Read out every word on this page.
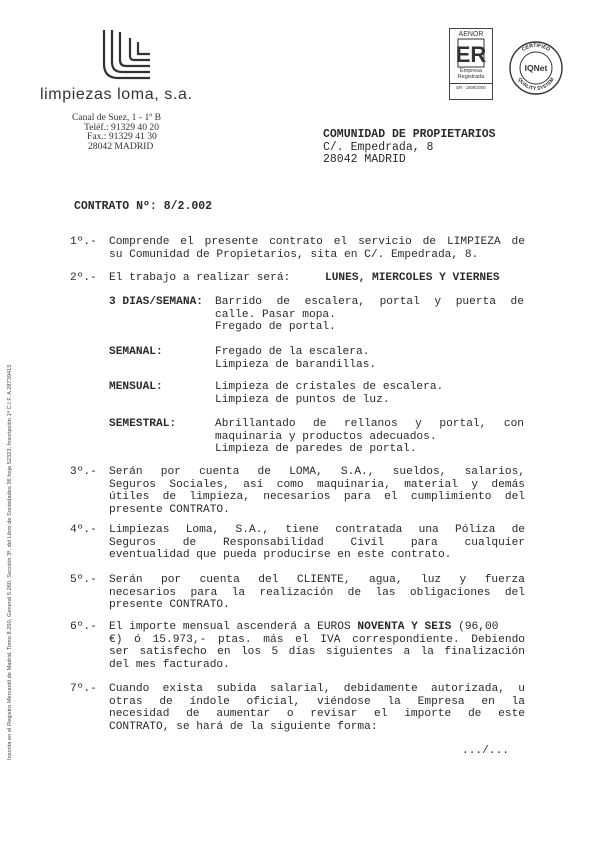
limpiezas loma, s.a.
Canal de Suez, 1 - 1º B
Teléf.: 91329 40 20
Fax.: 91329 41 30
28042 MADRID
AENOR
ER
Empresa
Registrada
ER - 1808/2000
CERTIFIED
QUALITY SYSTEM
IQNet
Inscrita en el Registro Mercantil de Madrid, Tomo 8.250, General 5.260, Sección 3ª, del Libro de Sociedades 36 hoja 52323, Inscripción 1ª C.I.F. A 28739415
COMUNIDAD DE PROPIETARIOS
C/. Empedrada, 8
28042 MADRID
CONTRATO Nº: 8/2.002
1º.- Comprende el presente contrato el servicio de LIMPIEZA de
su Comunidad de Propietarios, sita en C/. Empedrada, 8.
2º.- El trabajo a realizar será:	LUNES, MIERCOLES Y VIERNES
3 DIAS/SEMANA: Barrido de escalera, portal y puerta de
calle. Pasar mopa.
Fregado de portal.
SEMANAL:	Fregado de la escalera.
Limpieza de barandillas.
MENSUAL:	Limpieza de cristales de escalera.
Limpieza de puntos de luz.
SEMESTRAL:	Abrillantado de rellanos y portal, con
maquinaria y productos adecuados.
Limpieza de paredes de portal.
3º.- Serán por cuenta de LOMA, S.A., sueldos, salarios,
Seguros Sociales, así como maquinaria, material y demás
útiles de limpieza, necesarios para el cumplimiento del
presente CONTRATO.
4º.- Limpiezas Loma, S.A., tiene contratada una Póliza de
Seguros de Responsabilidad Civil para cualquier
eventualidad que pueda producirse en este contrato.
5º.- Serán por cuenta del CLIENTE, agua, luz y fuerza
necesarios para la realización de las obligaciones del
presente CONTRATO.
6º.- El importe mensual ascenderá a EUROS NOVENTA Y SEIS (96,00
€) ó 15.973,- ptas. más el IVA correspondiente. Debiendo
ser satisfecho en los 5 días siguientes a la finalización
del mes facturado.
7º.- Cuando exista subida salarial, debidamente autorizada, u
otras de índole oficial, viéndose la Empresa en la
necesidad de aumentar o revisar el importe de este
CONTRATO, se hará de la siguiente forma:
.../...
